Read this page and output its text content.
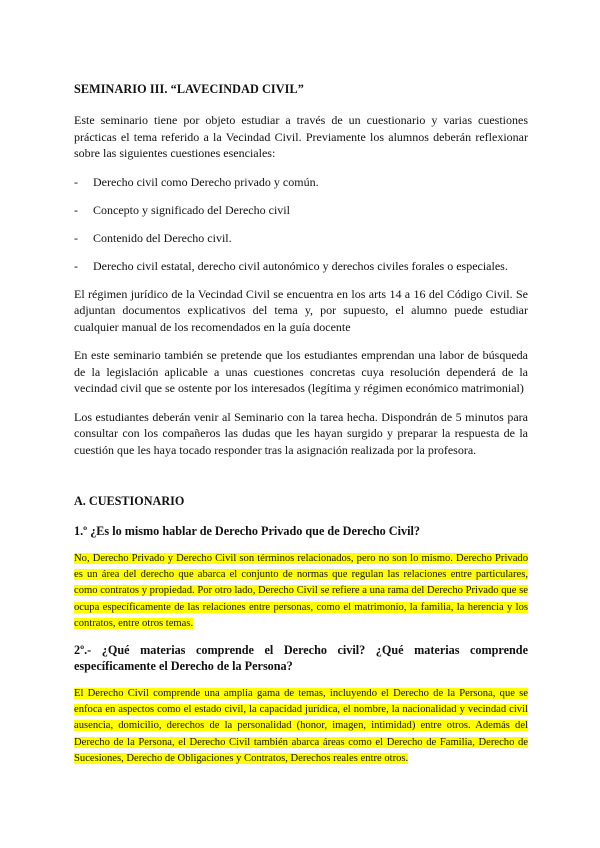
SEMINARIO III. “LAVECINDAD CIVIL”

Este seminario tiene por objeto estudiar a través de un cuestionario y varias cuestiones prácticas el tema referido a la Vecindad Civil. Previamente los alumnos deberán reflexionar sobre las siguientes cuestiones esenciales:

- Derecho civil como Derecho privado y común.
- Concepto y significado del Derecho civil
- Contenido del Derecho civil.
- Derecho civil estatal, derecho civil autonómico y derechos civiles forales o especiales.

El régimen jurídico de la Vecindad Civil se encuentra en los arts 14 a 16 del Código Civil. Se adjuntan documentos explicativos del tema y, por supuesto, el alumno puede estudiar cualquier manual de los recomendados en la guía docente

En este seminario también se pretende que los estudiantes emprendan una labor de búsqueda de la legislación aplicable a unas cuestiones concretas cuya resolución dependerá de la vecindad civil que se ostente por los interesados (legítima y régimen económico matrimonial)

Los estudiantes deberán venir al Seminario con la tarea hecha. Dispondrán de 5 minutos para consultar con los compañeros las dudas que les hayan surgido y preparar la respuesta de la cuestión que les haya tocado responder tras la asignación realizada por la profesora.

A. CUESTIONARIO
1.º ¿Es lo mismo hablar de Derecho Privado que de Derecho Civil?

No, Derecho Privado y Derecho Civil son términos relacionados, pero no son lo mismo. Derecho Privado es un área del derecho que abarca el conjunto de normas que regulan las relaciones entre particulares, como contratos y propiedad. Por otro lado, Derecho Civil se refiere a una rama del Derecho Privado que se ocupa específicamente de las relaciones entre personas, como el matrimonio, la familia, la herencia y los contratos, entre otros temas.

2º.- ¿Qué materias comprende el Derecho civil? ¿Qué materias comprende específicamente el Derecho de la Persona?

El Derecho Civil comprende una amplia gama de temas, incluyendo el Derecho de la Persona, que se enfoca en aspectos como el estado civil, la capacidad jurídica, el nombre, la nacionalidad y vecindad civil ausencia, domicilio, derechos de la personalidad (honor, imagen, intimidad) entre otros. Además del Derecho de la Persona, el Derecho Civil también abarca áreas como el Derecho de Familia, Derecho de Sucesiones, Derecho de Obligaciones y Contratos, Derechos reales entre otros.
